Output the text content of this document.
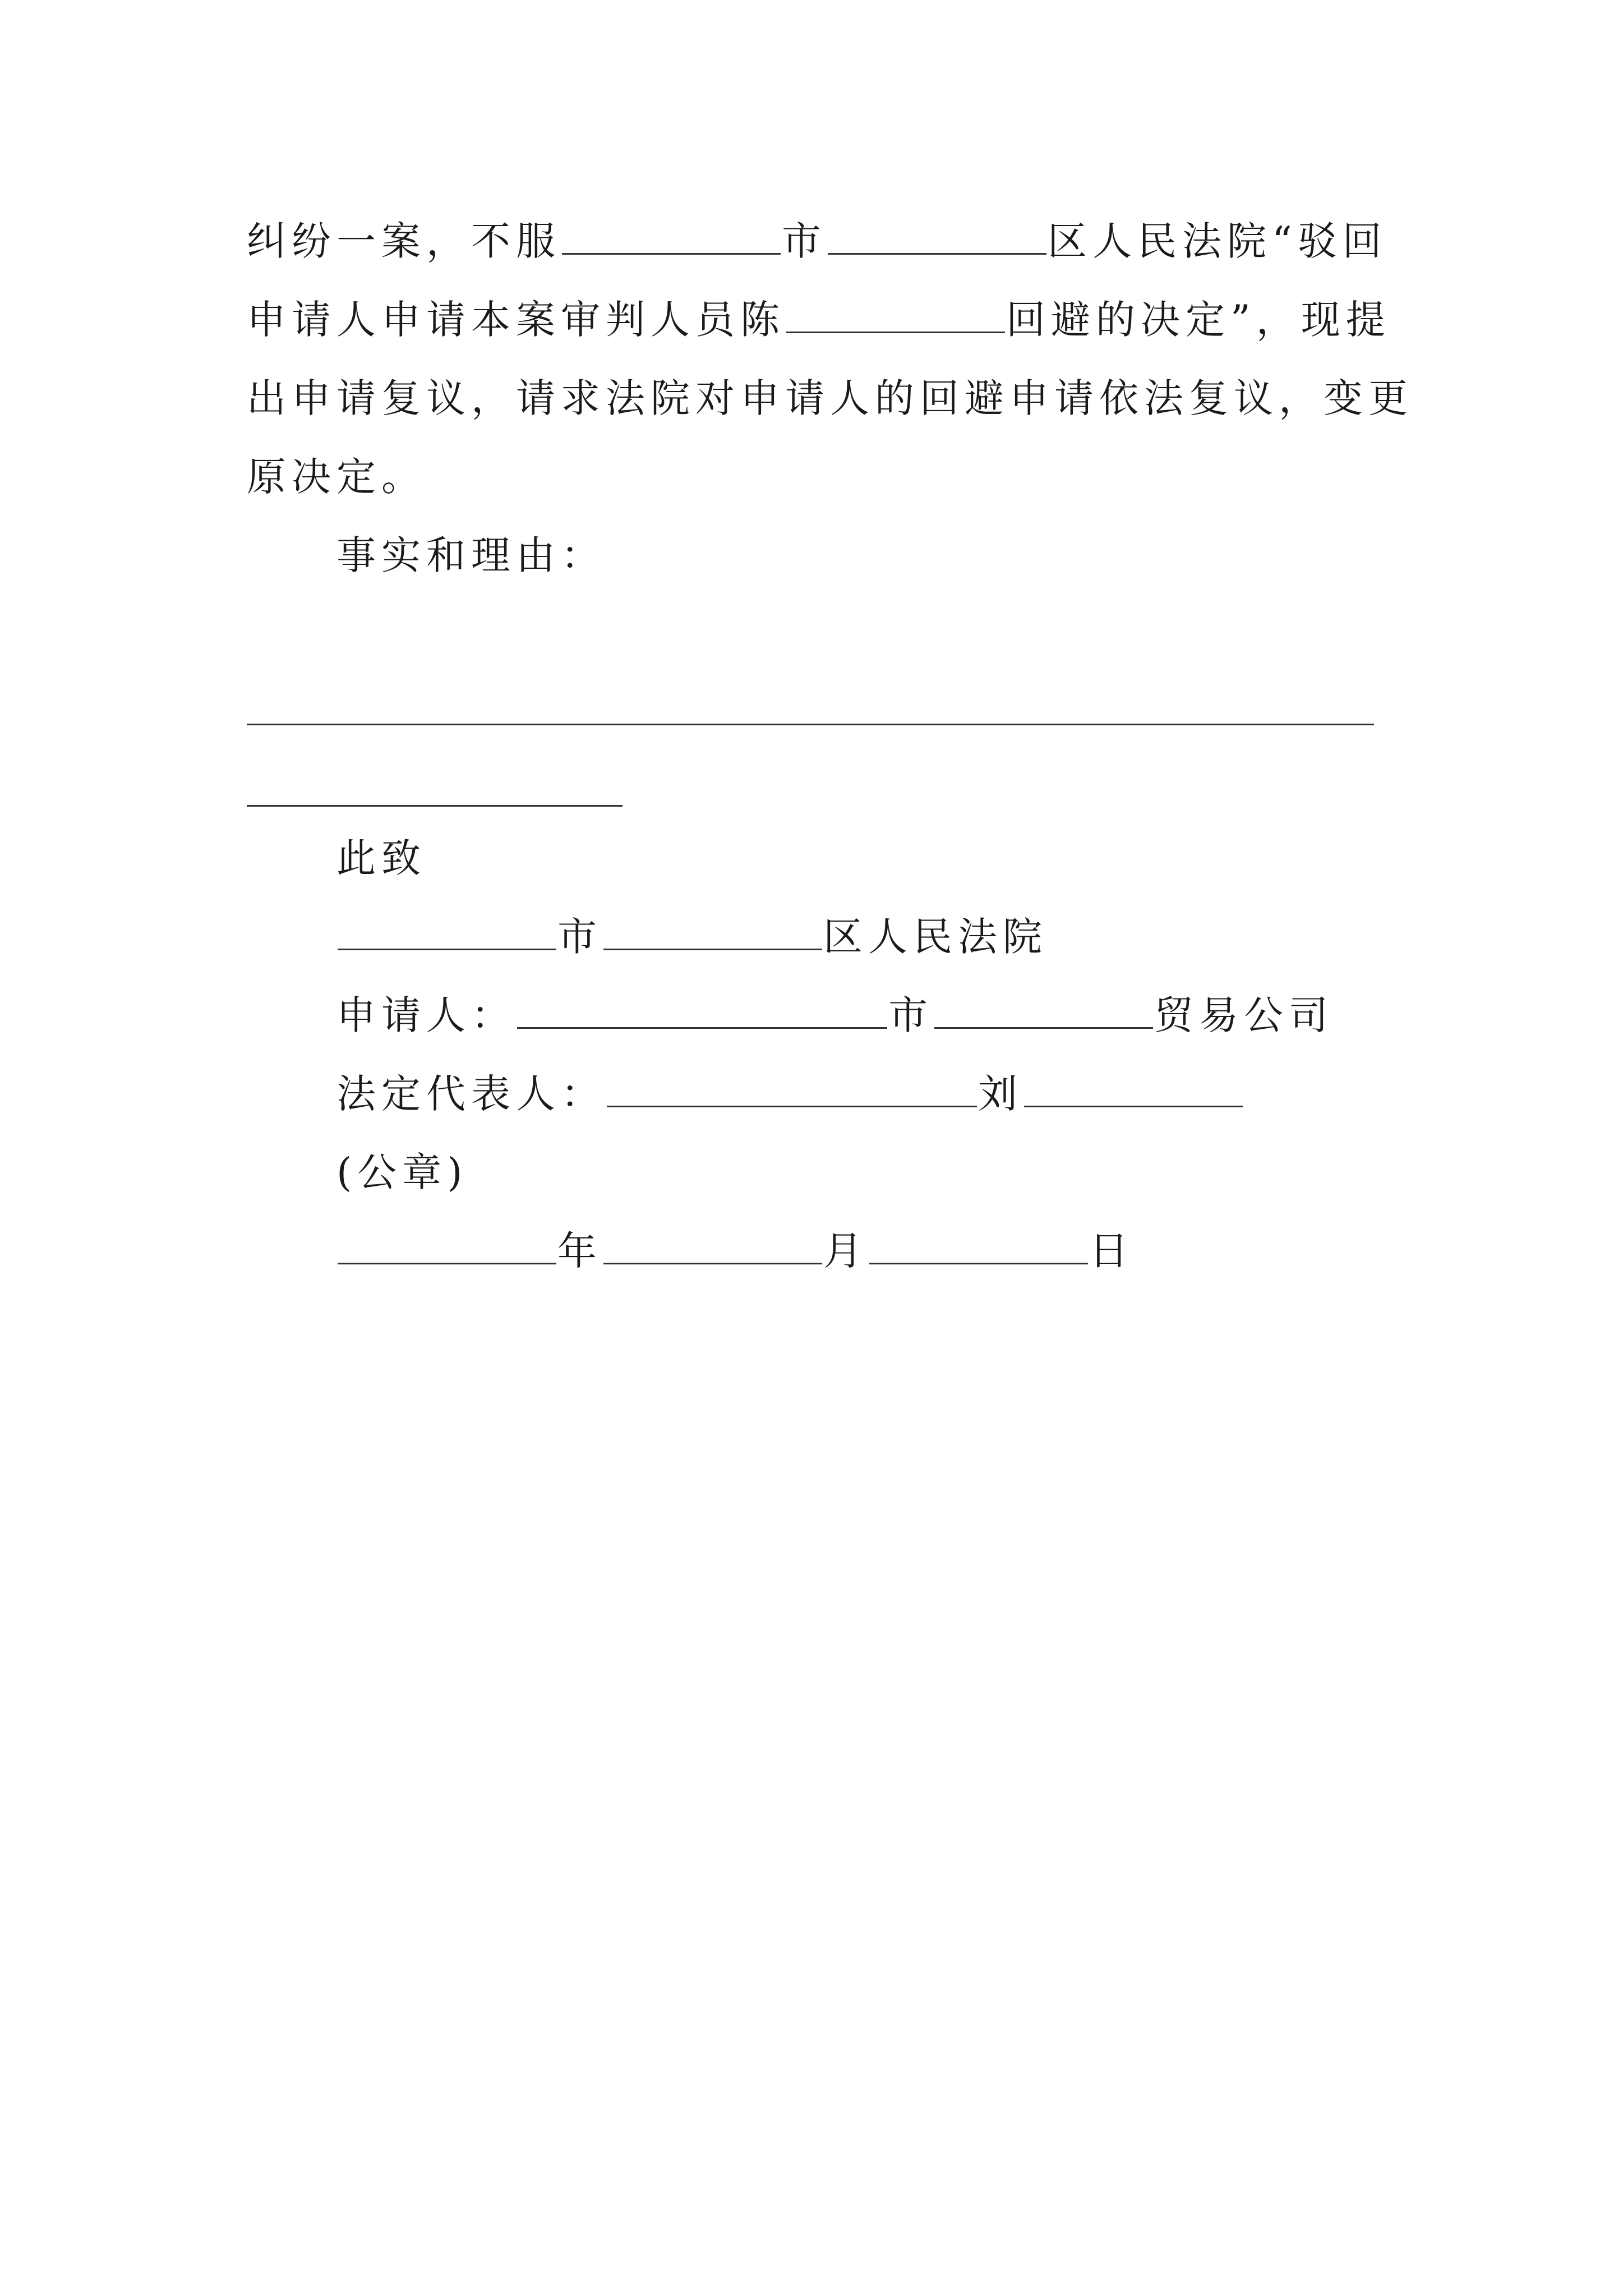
纠纷一案，不服	市	区人民法院“驳回
申请人申请本案审判人员陈	回避的决定”，现提
出申请复议，请求法院对申请人的回避申请依法复议，变更
原决定。
事实和理由：
此致
市	区人民法院
申请人：	市	贸易公司
法定代表人：	刘
(公章)
年	月	日
